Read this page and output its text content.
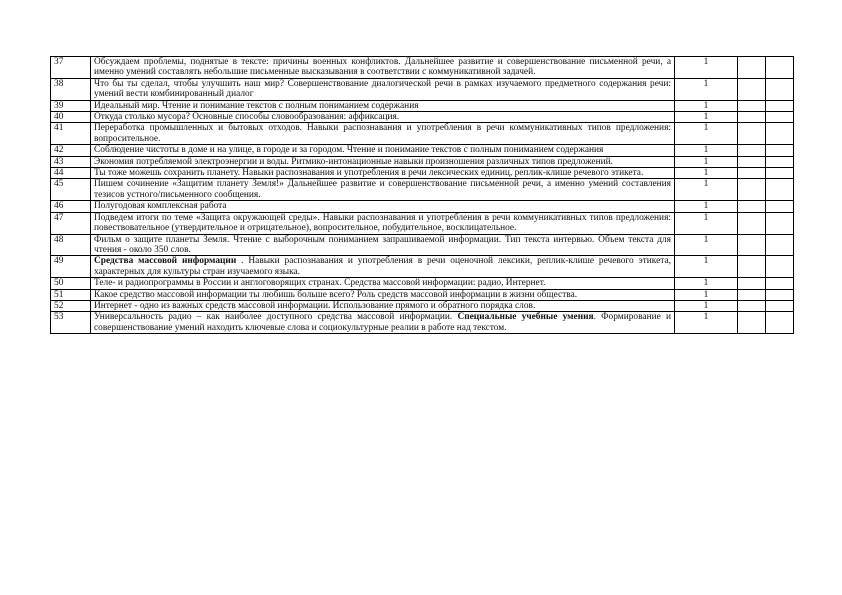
37	Обсуждаем проблемы, поднятые в тексте: причины военных конфликтов. Дальнейшее развитие и совершенствование письменной речи, а именно умений составлять небольшие письменные высказывания в соответствии с коммуникативной задачей.	1		
38	Что бы ты сделал, чтобы улучшить наш мир? Совершенствование диалогической речи в рамках изучаемого предметного содержания речи: умений вести комбинированный диалог	1		
39	Идеальный мир. Чтение и понимание текстов с полным пониманием содержания	1		
40	Откуда столько мусора? Основные способы словообразования: аффиксация.	1		
41	Переработка промышленных и бытовых отходов. Навыки распознавания и употребления в речи коммуникативных типов предложения: вопросительное.	1		
42	Соблюдение чистоты в доме и на улице, в городе и за городом. Чтение и понимание текстов с полным пониманием содержания	1		
43	Экономия потребляемой электроэнергии и воды. Ритмико-интонационные навыки произношения различных типов предложений.	1		
44	Ты тоже можешь сохранить планету. Навыки распознавания и употребления в речи лексических единиц, реплик-клише речевого этикета.	1		
45	Пишем сочинение «Защитим планету Земля!» Дальнейшее развитие и совершенствование письменной речи, а именно умений составления тезисов устного/письменного сообщения.	1		
46	Полугодовая комплексная работа	1		
47	Подведем итоги по теме «Защита окружающей среды». Навыки распознавания и употребления в речи коммуникативных типов предложения: повествовательное (утвердительное и отрицательное), вопросительное, побудительное, восклицательное.	1		
48	Фильм о защите планеты Земля. Чтение с выборочным пониманием запрашиваемой информации. Тип текста интервью. Объем текста для чтения - около 350 слов.	1		
49	Средства массовой информации . Навыки распознавания и употребления в речи оценочной лексики, реплик-клише речевого этикета, характерных для культуры стран изучаемого языка.	1		
50	Теле- и радиопрограммы в России и англоговорящих странах. Средства массовой информации: радио, Интернет.	1		
51	Какое средство массовой информации ты любишь больше всего? Роль средств массовой информации в жизни общества.	1		
52	Интернет - одно из важных средств массовой информации. Использование прямого и обратного порядка слов.	1		
53	Универсальность радио – как наиболее доступного средства массовой информации. Специальные учебные умения. Формирование и совершенствование умений находить ключевые слова и социокультурные реалии в работе над текстом.	1		
